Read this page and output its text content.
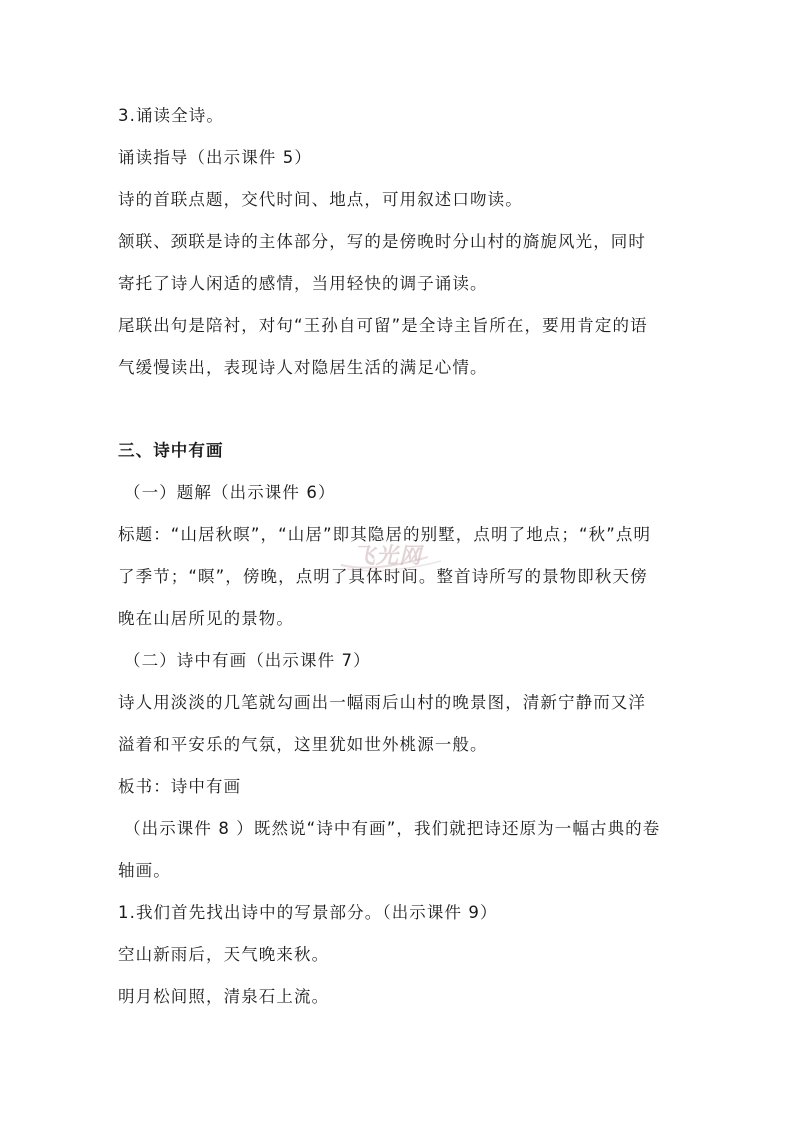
3.诵读全诗。
诵读指导（出示课件 5）
诗的首联点题，交代时间、地点，可用叙述口吻读。
颔联、颈联是诗的主体部分，写的是傍晚时分山村的旖旎风光，同时
寄托了诗人闲适的感情，当用轻快的调子诵读。
尾联出句是陪衬，对句“王孙自可留”是全诗主旨所在，要用肯定的语
气缓慢读出，表现诗人对隐居生活的满足心情。
三、诗中有画
（一）题解（出示课件 6）
标题：“山居秋暝”，“山居”即其隐居的别墅，点明了地点；“秋”点明
了季节；“暝”，傍晚，点明了具体时间。整首诗所写的景物即秋天傍
晚在山居所见的景物。
（二）诗中有画（出示课件 7）
诗人用淡淡的几笔就勾画出一幅雨后山村的晚景图，清新宁静而又洋
溢着和平安乐的气氛，这里犹如世外桃源一般。
板书：诗中有画
（出示课件 8 ）既然说“诗中有画”，我们就把诗还原为一幅古典的卷
轴画。
1.我们首先找出诗中的写景部分。（出示课件 9）
空山新雨后，天气晚来秋。
明月松间照，清泉石上流。
飞光网
